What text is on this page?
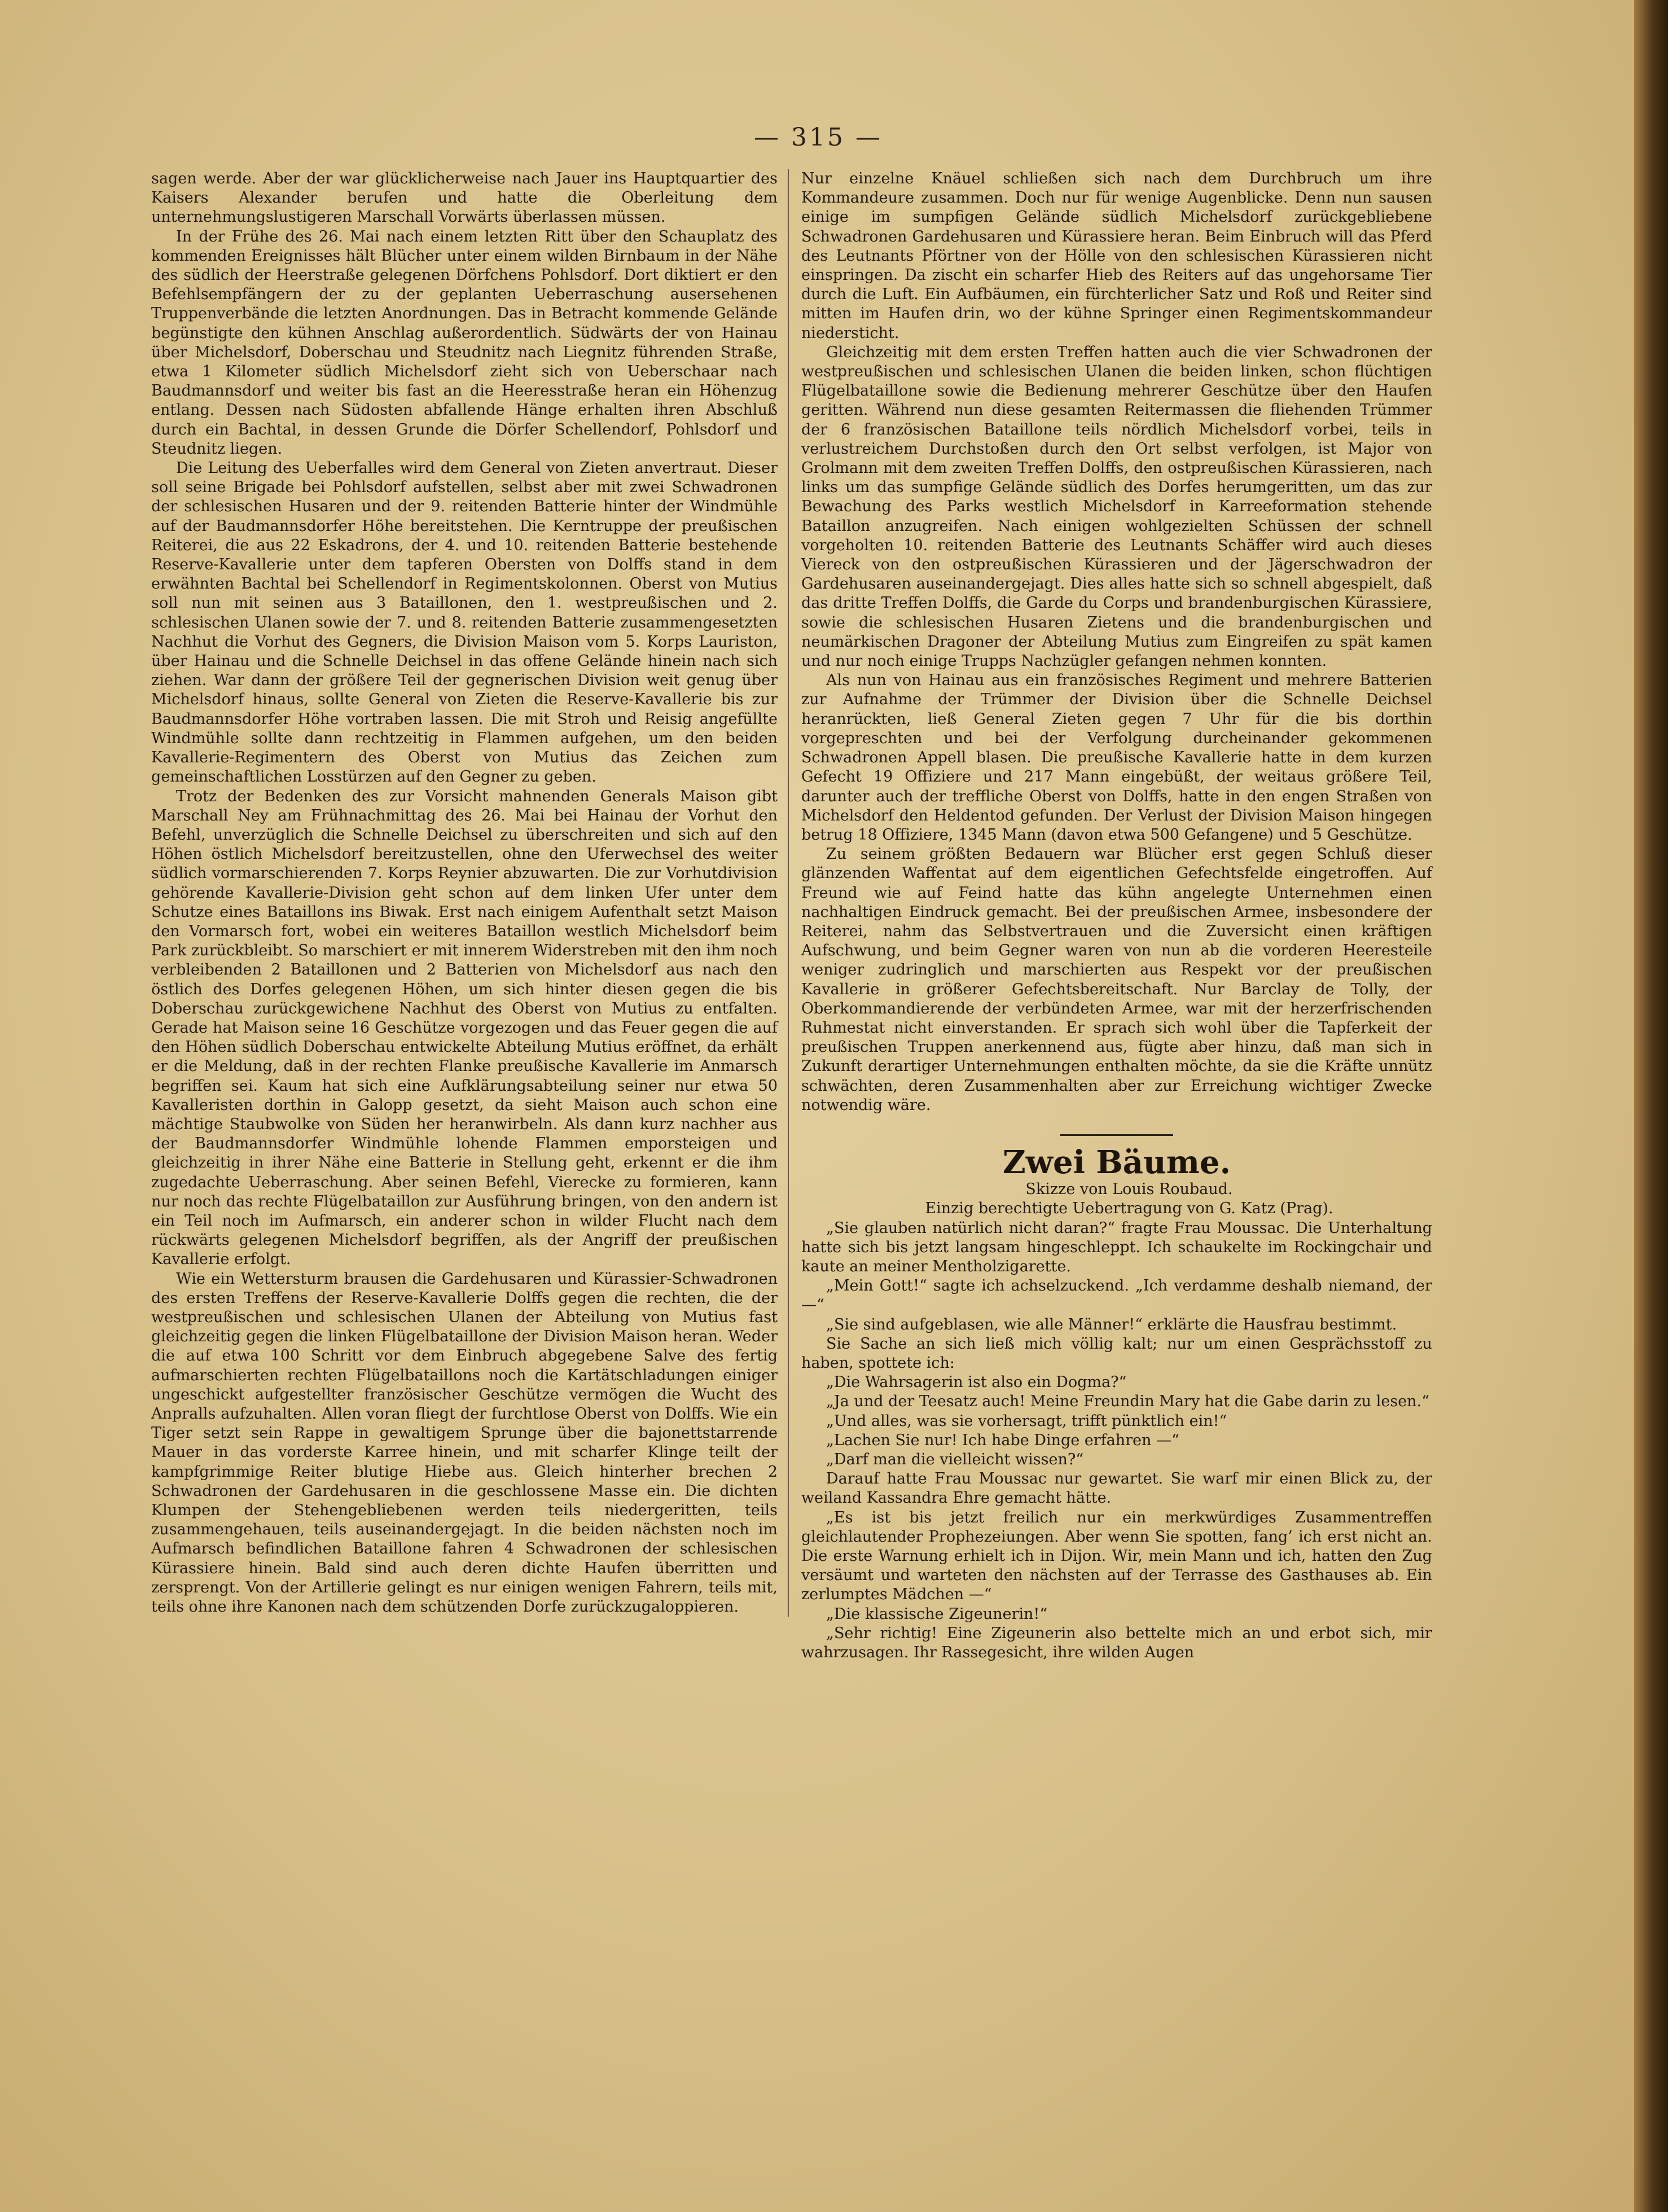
— 315 —

sagen werde. Aber der war glücklicherweise nach Jauer ins Hauptquartier des Kaisers Alexander berufen und hatte die Oberleitung dem unternehmungslustigeren Marschall Vorwärts überlassen müssen.

In der Frühe des 26. Mai nach einem letzten Ritt über den Schauplatz des kommenden Ereignisses hält Blücher unter einem wilden Birnbaum in der Nähe des südlich der Heerstraße gelegenen Dörfchens Pohlsdorf. Dort diktiert er den Befehlsempfängern der zu der geplanten Ueberraschung ausersehenen Truppenverbände die letzten Anordnungen. Das in Betracht kommende Gelände begünstigte den kühnen Anschlag außerordentlich. Südwärts der von Hainau über Michelsdorf, Doberschau und Steudnitz nach Liegnitz führenden Straße, etwa 1 Kilometer südlich Michelsdorf zieht sich von Ueberschaar nach Baudmannsdorf und weiter bis fast an die Heeresstraße heran ein Höhenzug entlang. Dessen nach Südosten abfallende Hänge erhalten ihren Abschluß durch ein Bachtal, in dessen Grunde die Dörfer Schellendorf, Pohlsdorf und Steudnitz liegen.

Die Leitung des Ueberfalles wird dem General von Zieten anvertraut. Dieser soll seine Brigade bei Pohlsdorf aufstellen, selbst aber mit zwei Schwadronen der schlesischen Husaren und der 9. reitenden Batterie hinter der Windmühle auf der Baudmannsdorfer Höhe bereitstehen. Die Kerntruppe der preußischen Reiterei, die aus 22 Eskadrons, der 4. und 10. reitenden Batterie bestehende Reserve-Kavallerie unter dem tapferen Obersten von Dolffs stand in dem erwähnten Bachtal bei Schellendorf in Regimentskolonnen. Oberst von Mutius soll nun mit seinen aus 3 Bataillonen, den 1. westpreußischen und 2. schlesischen Ulanen sowie der 7. und 8. reitenden Batterie zusammengesetzten Nachhut die Vorhut des Gegners, die Division Maison vom 5. Korps Lauriston, über Hainau und die Schnelle Deichsel in das offene Gelände hinein nach sich ziehen. War dann der größere Teil der gegnerischen Division weit genug über Michelsdorf hinaus, sollte General von Zieten die Reserve-Kavallerie bis zur Baudmannsdorfer Höhe vortraben lassen. Die mit Stroh und Reisig angefüllte Windmühle sollte dann rechtzeitig in Flammen aufgehen, um den beiden Kavallerie-Regimentern des Oberst von Mutius das Zeichen zum gemeinschaftlichen Losstürzen auf den Gegner zu geben.

Trotz der Bedenken des zur Vorsicht mahnenden Generals Maison gibt Marschall Ney am Frühnachmittag des 26. Mai bei Hainau der Vorhut den Befehl, unverzüglich die Schnelle Deichsel zu überschreiten und sich auf den Höhen östlich Michelsdorf bereitzustellen, ohne den Uferwechsel des weiter südlich vormarschierenden 7. Korps Reynier abzuwarten. Die zur Vorhutdivision gehörende Kavallerie-Division geht schon auf dem linken Ufer unter dem Schutze eines Bataillons ins Biwak. Erst nach einigem Aufenthalt setzt Maison den Vormarsch fort, wobei ein weiteres Bataillon westlich Michelsdorf beim Park zurückbleibt. So marschiert er mit innerem Widerstreben mit den ihm noch verbleibenden 2 Bataillonen und 2 Batterien von Michelsdorf aus nach den östlich des Dorfes gelegenen Höhen, um sich hinter diesen gegen die bis Doberschau zurückgewichene Nachhut des Oberst von Mutius zu entfalten. Gerade hat Maison seine 16 Geschütze vorgezogen und das Feuer gegen die auf den Höhen südlich Doberschau entwickelte Abteilung Mutius eröffnet, da erhält er die Meldung, daß in der rechten Flanke preußische Kavallerie im Anmarsch begriffen sei. Kaum hat sich eine Aufklärungsabteilung seiner nur etwa 50 Kavalleristen dorthin in Galopp gesetzt, da sieht Maison auch schon eine mächtige Staubwolke von Süden her heranwirbeln. Als dann kurz nachher aus der Baudmannsdorfer Windmühle lohende Flammen emporsteigen und gleichzeitig in ihrer Nähe eine Batterie in Stellung geht, erkennt er die ihm zugedachte Ueberraschung. Aber seinen Befehl, Vierecke zu formieren, kann nur noch das rechte Flügelbataillon zur Ausführung bringen, von den andern ist ein Teil noch im Aufmarsch, ein anderer schon in wilder Flucht nach dem rückwärts gelegenen Michelsdorf begriffen, als der Angriff der preußischen Kavallerie erfolgt.

Wie ein Wettersturm brausen die Gardehusaren und Kürassier-Schwadronen des ersten Treffens der Reserve-Kavallerie Dolffs gegen die rechten, die der westpreußischen und schlesischen Ulanen der Abteilung von Mutius fast gleichzeitig gegen die linken Flügelbataillone der Division Maison heran. Weder die auf etwa 100 Schritt vor dem Einbruch abgegebene Salve des fertig aufmarschierten rechten Flügelbataillons noch die Kartätschladungen einiger ungeschickt aufgestellter französischer Geschütze vermögen die Wucht des Anpralls aufzuhalten. Allen voran fliegt der furchtlose Oberst von Dolffs. Wie ein Tiger setzt sein Rappe in gewaltigem Sprunge über die bajonettstarrende Mauer in das vorderste Karree hinein, und mit scharfer Klinge teilt der kampfgrimmige Reiter blutige Hiebe aus. Gleich hinterher brechen 2 Schwadronen der Gardehusaren in die geschlossene Masse ein. Die dichten Klumpen der Stehengebliebenen werden teils niedergeritten, teils zusammengehauen, teils auseinandergejagt. In die beiden nächsten noch im Aufmarsch befindlichen Bataillone fahren 4 Schwadronen der schlesischen Kürassiere hinein. Bald sind auch deren dichte Haufen überritten und zersprengt. Von der Artillerie gelingt es nur einigen wenigen Fahrern, teils mit, teils ohne ihre Kanonen nach dem schützenden Dorfe zurückzugaloppieren.

Nur einzelne Knäuel schließen sich nach dem Durchbruch um ihre Kommandeure zusammen. Doch nur für wenige Augenblicke. Denn nun sausen einige im sumpfigen Gelände südlich Michelsdorf zurückgebliebene Schwadronen Gardehusaren und Kürassiere heran. Beim Einbruch will das Pferd des Leutnants Pförtner von der Hölle von den schlesischen Kürassieren nicht einspringen. Da zischt ein scharfer Hieb des Reiters auf das ungehorsame Tier durch die Luft. Ein Aufbäumen, ein fürchterlicher Satz und Roß und Reiter sind mitten im Haufen drin, wo der kühne Springer einen Regimentskommandeur niedersticht.

Gleichzeitig mit dem ersten Treffen hatten auch die vier Schwadronen der westpreußischen und schlesischen Ulanen die beiden linken, schon flüchtigen Flügelbataillone sowie die Bedienung mehrerer Geschütze über den Haufen geritten. Während nun diese gesamten Reitermassen die fliehenden Trümmer der 6 französischen Bataillone teils nördlich Michelsdorf vorbei, teils in verlustreichem Durchstoßen durch den Ort selbst verfolgen, ist Major von Grolmann mit dem zweiten Treffen Dolffs, den ostpreußischen Kürassieren, nach links um das sumpfige Gelände südlich des Dorfes herumgeritten, um das zur Bewachung des Parks westlich Michelsdorf in Karreeformation stehende Bataillon anzugreifen. Nach einigen wohlgezielten Schüssen der schnell vorgeholten 10. reitenden Batterie des Leutnants Schäffer wird auch dieses Viereck von den ostpreußischen Kürassieren und der Jägerschwadron der Gardehusaren auseinandergejagt. Dies alles hatte sich so schnell abgespielt, daß das dritte Treffen Dolffs, die Garde du Corps und brandenburgischen Kürassiere, sowie die schlesischen Husaren Zietens und die brandenburgischen und neumärkischen Dragoner der Abteilung Mutius zum Eingreifen zu spät kamen und nur noch einige Trupps Nachzügler gefangen nehmen konnten.

Als nun von Hainau aus ein französisches Regiment und mehrere Batterien zur Aufnahme der Trümmer der Division über die Schnelle Deichsel heranrückten, ließ General Zieten gegen 7 Uhr für die bis dorthin vorgepreschten und bei der Verfolgung durcheinander gekommenen Schwadronen Appell blasen. Die preußische Kavallerie hatte in dem kurzen Gefecht 19 Offiziere und 217 Mann eingebüßt, der weitaus größere Teil, darunter auch der treffliche Oberst von Dolffs, hatte in den engen Straßen von Michelsdorf den Heldentod gefunden. Der Verlust der Division Maison hingegen betrug 18 Offiziere, 1345 Mann (davon etwa 500 Gefangene) und 5 Geschütze.

Zu seinem größten Bedauern war Blücher erst gegen Schluß dieser glänzenden Waffentat auf dem eigentlichen Gefechtsfelde eingetroffen. Auf Freund wie auf Feind hatte das kühn angelegte Unternehmen einen nachhaltigen Eindruck gemacht. Bei der preußischen Armee, insbesondere der Reiterei, nahm das Selbstvertrauen und die Zuversicht einen kräftigen Aufschwung, und beim Gegner waren von nun ab die vorderen Heeresteile weniger zudringlich und marschierten aus Respekt vor der preußischen Kavallerie in größerer Gefechtsbereitschaft. Nur Barclay de Tolly, der Oberkommandierende der verbündeten Armee, war mit der herzerfrischenden Ruhmestat nicht einverstanden. Er sprach sich wohl über die Tapferkeit der preußischen Truppen anerkennend aus, fügte aber hinzu, daß man sich in Zukunft derartiger Unternehmungen enthalten möchte, da sie die Kräfte unnütz schwächten, deren Zusammenhalten aber zur Erreichung wichtiger Zwecke notwendig wäre.

Zwei Bäume.

Skizze von Louis Roubaud.

Einzig berechtigte Uebertragung von G. Katz (Prag).

„Sie glauben natürlich nicht daran?“ fragte Frau Moussac. Die Unterhaltung hatte sich bis jetzt langsam hingeschleppt. Ich schaukelte im Rockingchair und kaute an meiner Mentholzigarette.

„Mein Gott!“ sagte ich achselzuckend. „Ich verdamme deshalb niemand, der —“

„Sie sind aufgeblasen, wie alle Männer!“ erklärte die Hausfrau bestimmt.

Sie Sache an sich ließ mich völlig kalt; nur um einen Gesprächsstoff zu haben, spottete ich:

„Die Wahrsagerin ist also ein Dogma?“

„Ja und der Teesatz auch! Meine Freundin Mary hat die Gabe darin zu lesen.“

„Und alles, was sie vorhersagt, trifft pünktlich ein!“

„Lachen Sie nur! Ich habe Dinge erfahren —“

„Darf man die vielleicht wissen?“

Darauf hatte Frau Moussac nur gewartet. Sie warf mir einen Blick zu, der weiland Kassandra Ehre gemacht hätte.

„Es ist bis jetzt freilich nur ein merkwürdiges Zusammentreffen gleichlautender Prophezeiungen. Aber wenn Sie spotten, fang’ ich erst nicht an. Die erste Warnung erhielt ich in Dijon. Wir, mein Mann und ich, hatten den Zug versäumt und warteten den nächsten auf der Terrasse des Gasthauses ab. Ein zerlumptes Mädchen —“

„Die klassische Zigeunerin!“

„Sehr richtig! Eine Zigeunerin also bettelte mich an und erbot sich, mir wahrzusagen. Ihr Rassegesicht, ihre wilden Augen
